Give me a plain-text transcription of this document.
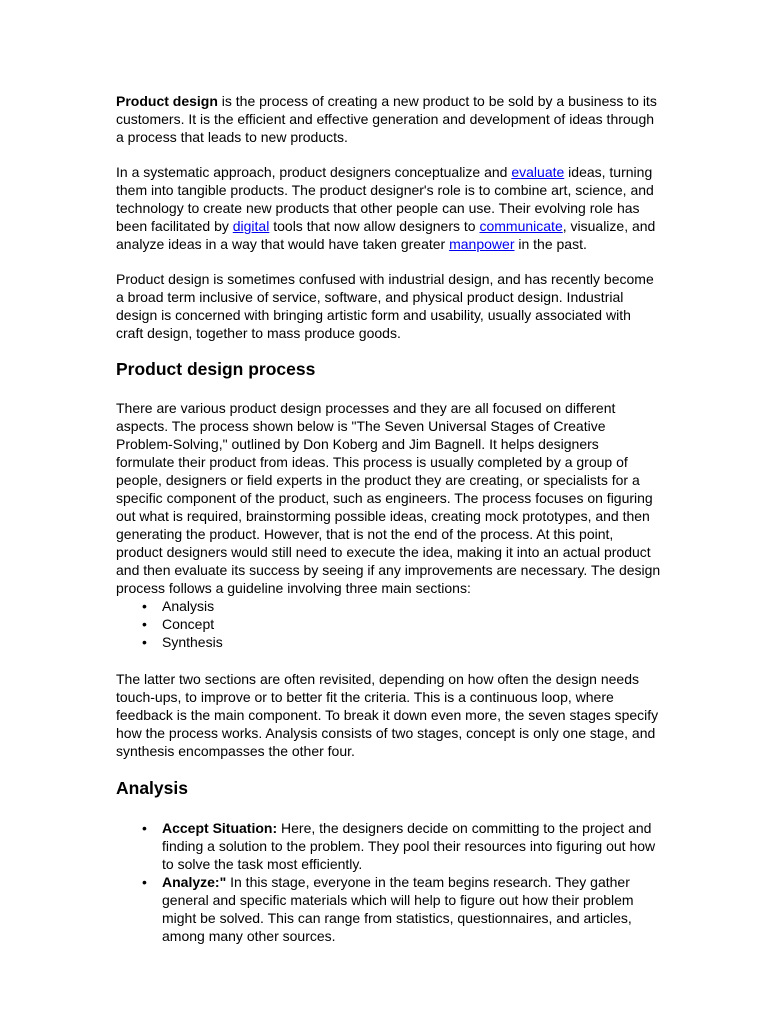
Product design is the process of creating a new product to be sold by a business to its customers. It is the efficient and effective generation and development of ideas through a process that leads to new products.

In a systematic approach, product designers conceptualize and evaluate ideas, turning them into tangible products. The product designer's role is to combine art, science, and technology to create new products that other people can use. Their evolving role has been facilitated by digital tools that now allow designers to communicate, visualize, and analyze ideas in a way that would have taken greater manpower in the past.

Product design is sometimes confused with industrial design, and has recently become a broad term inclusive of service, software, and physical product design. Industrial design is concerned with bringing artistic form and usability, usually associated with craft design, together to mass produce goods.

Product design process

There are various product design processes and they are all focused on different aspects. The process shown below is "The Seven Universal Stages of Creative Problem-Solving," outlined by Don Koberg and Jim Bagnell. It helps designers formulate their product from ideas. This process is usually completed by a group of people, designers or field experts in the product they are creating, or specialists for a specific component of the product, such as engineers. The process focuses on figuring out what is required, brainstorming possible ideas, creating mock prototypes, and then generating the product. However, that is not the end of the process. At this point, product designers would still need to execute the idea, making it into an actual product and then evaluate its success by seeing if any improvements are necessary. The design process follows a guideline involving three main sections:

• Analysis
• Concept
• Synthesis

The latter two sections are often revisited, depending on how often the design needs touch-ups, to improve or to better fit the criteria. This is a continuous loop, where feedback is the main component. To break it down even more, the seven stages specify how the process works. Analysis consists of two stages, concept is only one stage, and synthesis encompasses the other four.

Analysis
• Accept Situation: Here, the designers decide on committing to the project and finding a solution to the problem. They pool their resources into figuring out how to solve the task most efficiently.
• Analyze:" In this stage, everyone in the team begins research. They gather general and specific materials which will help to figure out how their problem might be solved. This can range from statistics, questionnaires, and articles, among many other sources.
